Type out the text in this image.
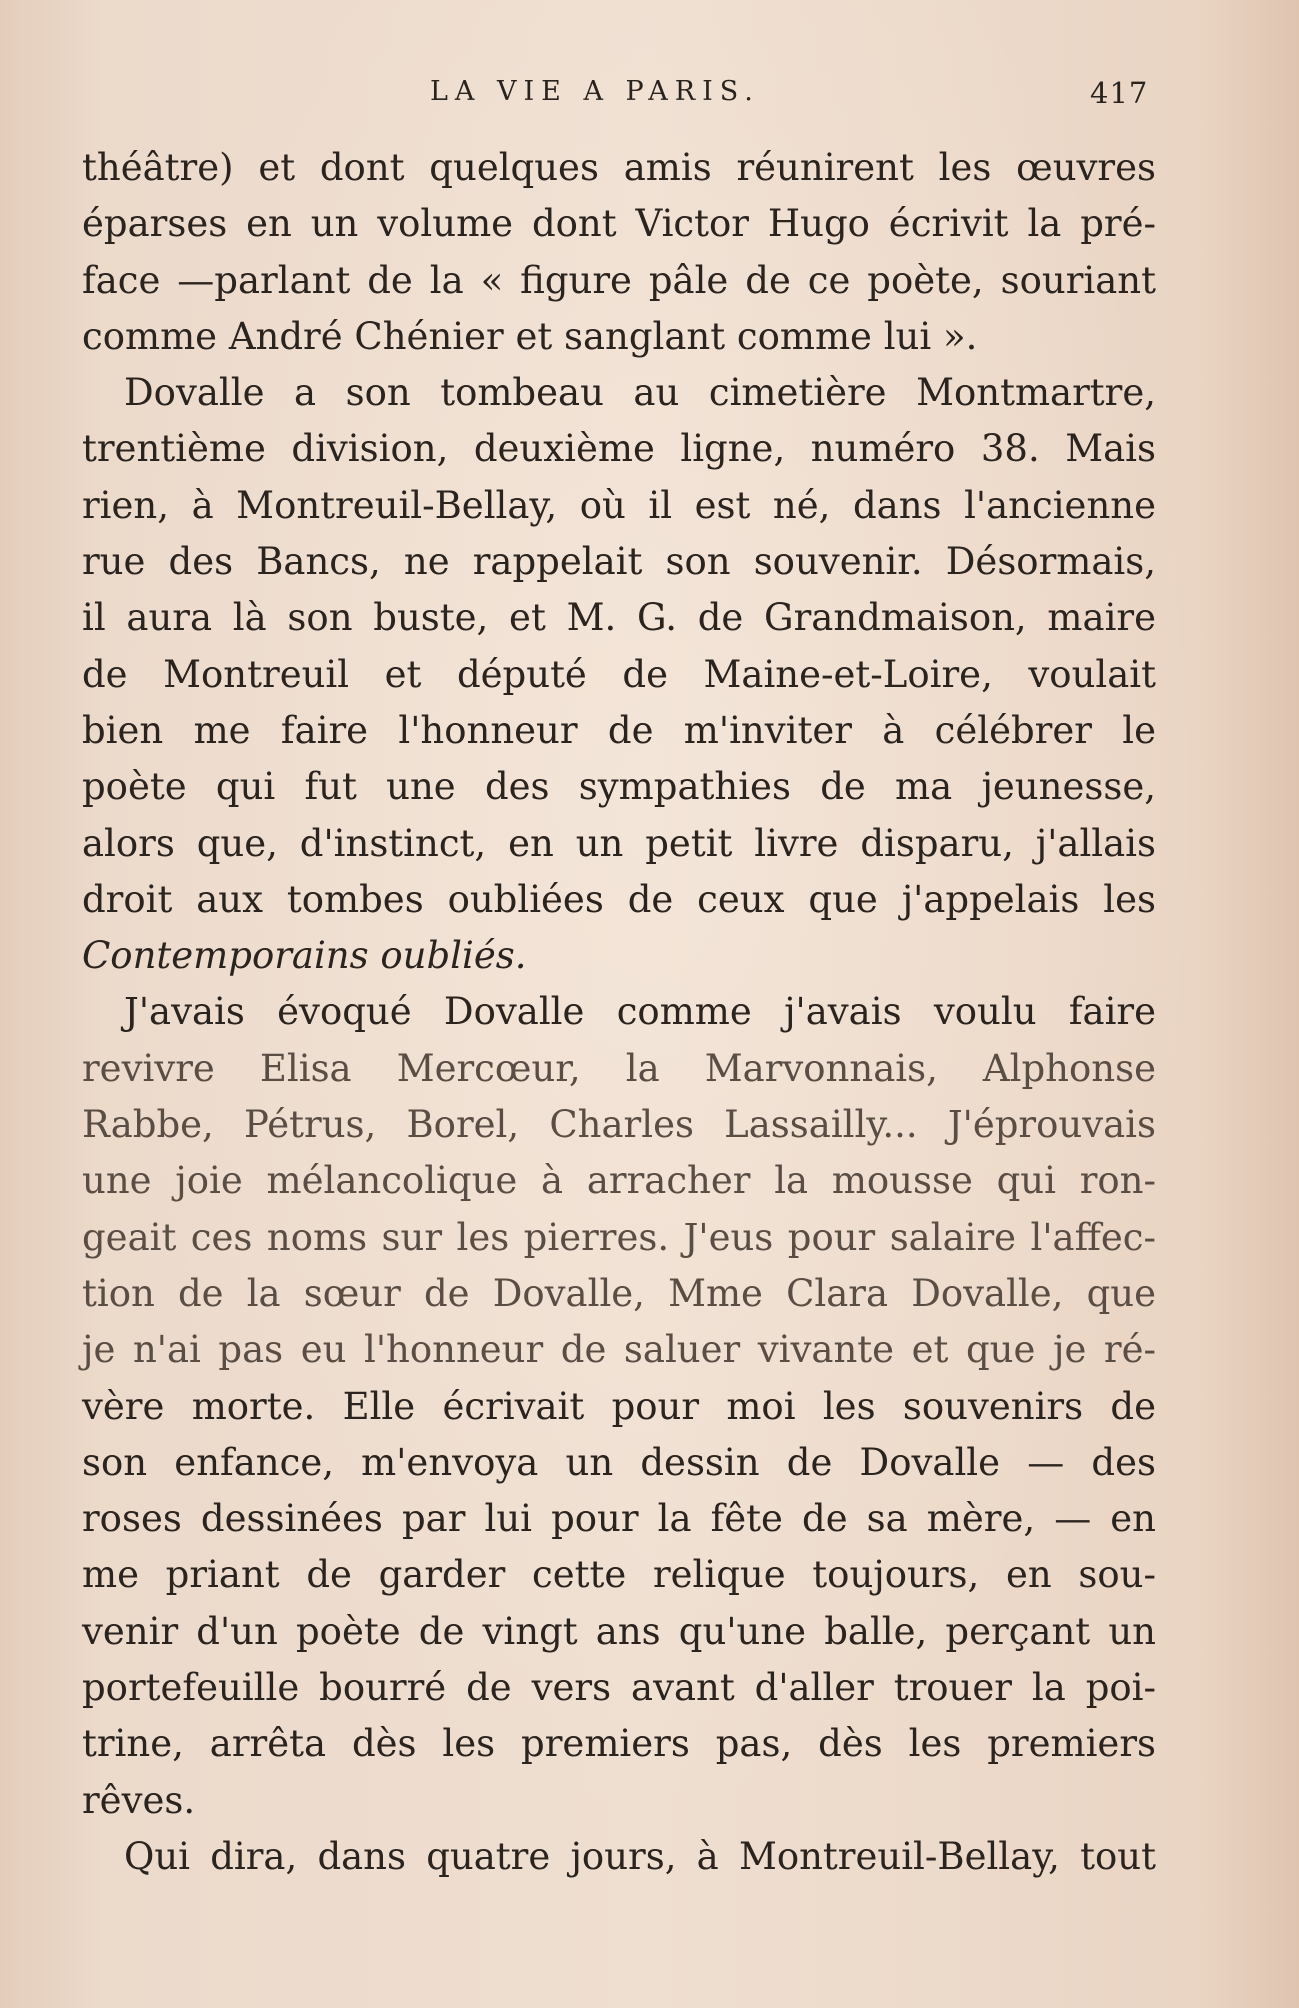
LA VIE A PARIS.	417
théâtre) et dont quelques amis réunirent les œuvres
éparses en un volume dont Victor Hugo écrivit la pré-
face —parlant de la « figure pâle de ce poète, souriant
comme André Chénier et sanglant comme lui ».
Dovalle a son tombeau au cimetière Montmartre,
trentième division, deuxième ligne, numéro 38. Mais
rien, à Montreuil-Bellay, où il est né, dans l'ancienne
rue des Bancs, ne rappelait son souvenir. Désormais,
il aura là son buste, et M. G. de Grandmaison, maire
de Montreuil et député de Maine-et-Loire, voulait
bien me faire l'honneur de m'inviter à célébrer le
poète qui fut une des sympathies de ma jeunesse,
alors que, d'instinct, en un petit livre disparu, j'allais
droit aux tombes oubliées de ceux que j'appelais les
Contemporains oubliés.
J'avais évoqué Dovalle comme j'avais voulu faire
revivre Elisa Mercœur, la Marvonnais, Alphonse
Rabbe, Pétrus, Borel, Charles Lassailly... J'éprouvais
une joie mélancolique à arracher la mousse qui ron-
geait ces noms sur les pierres. J'eus pour salaire l'affec-
tion de la sœur de Dovalle, Mme Clara Dovalle, que
je n'ai pas eu l'honneur de saluer vivante et que je ré-
vère morte. Elle écrivait pour moi les souvenirs de
son enfance, m'envoya un dessin de Dovalle — des
roses dessinées par lui pour la fête de sa mère, — en
me priant de garder cette relique toujours, en sou-
venir d'un poète de vingt ans qu'une balle, perçant un
portefeuille bourré de vers avant d'aller trouer la poi-
trine, arrêta dès les premiers pas, dès les premiers
rêves.
Qui dira, dans quatre jours, à Montreuil-Bellay, tout
